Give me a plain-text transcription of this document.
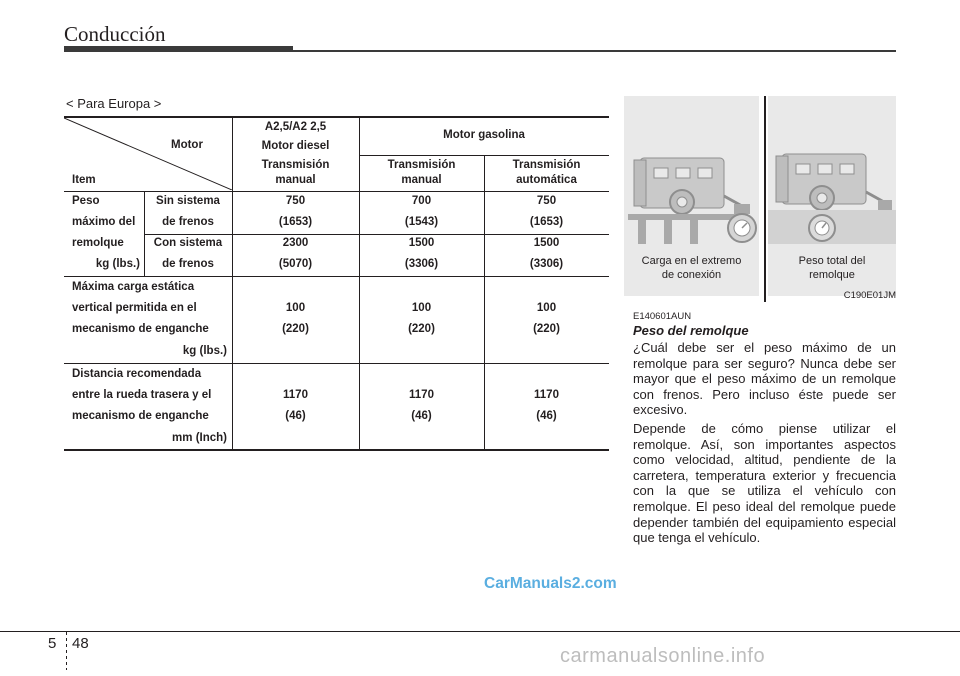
Conducción
< Para Europa >
Motor
Item
A2,5/A2 2,5
Motor diesel
Motor gasolina
Transmisión
manual
Transmisión
manual
Transmisión
automática
Peso
máximo del
remolque
kg (lbs.)
Sin sistema
de frenos
Con sistema
de frenos
750
(1653)
700
(1543)
750
(1653)
2300
(5070)
1500
(3306)
1500
(3306)
Máxima carga estática
vertical permitida en el
mecanismo de enganche
kg (lbs.)
100
(220)
100
(220)
100
(220)
Distancia recomendada
entre la rueda trasera y el
mecanismo de enganche
mm (Inch)
1170
(46)
1170
(46)
1170
(46)
Carga en el extremo
de conexión
Peso total del
remolque
C190E01JM
E140601AUN
Peso del remolque
¿Cuál debe ser el peso máximo de un remolque para ser seguro? Nunca debe ser mayor que el peso máximo de un remolque con frenos. Pero incluso éste puede ser excesivo.
Depende de cómo piense utilizar el remolque. Así, son importantes aspectos como velocidad, altitud, pendiente de la carretera, temperatura exterior y frecuencia con la que se utiliza el vehículo con remolque. El peso ideal del remolque puede depender también del equipamiento especial que tenga el vehículo.
CarManuals2.com
5 48
carmanualsonline.info
